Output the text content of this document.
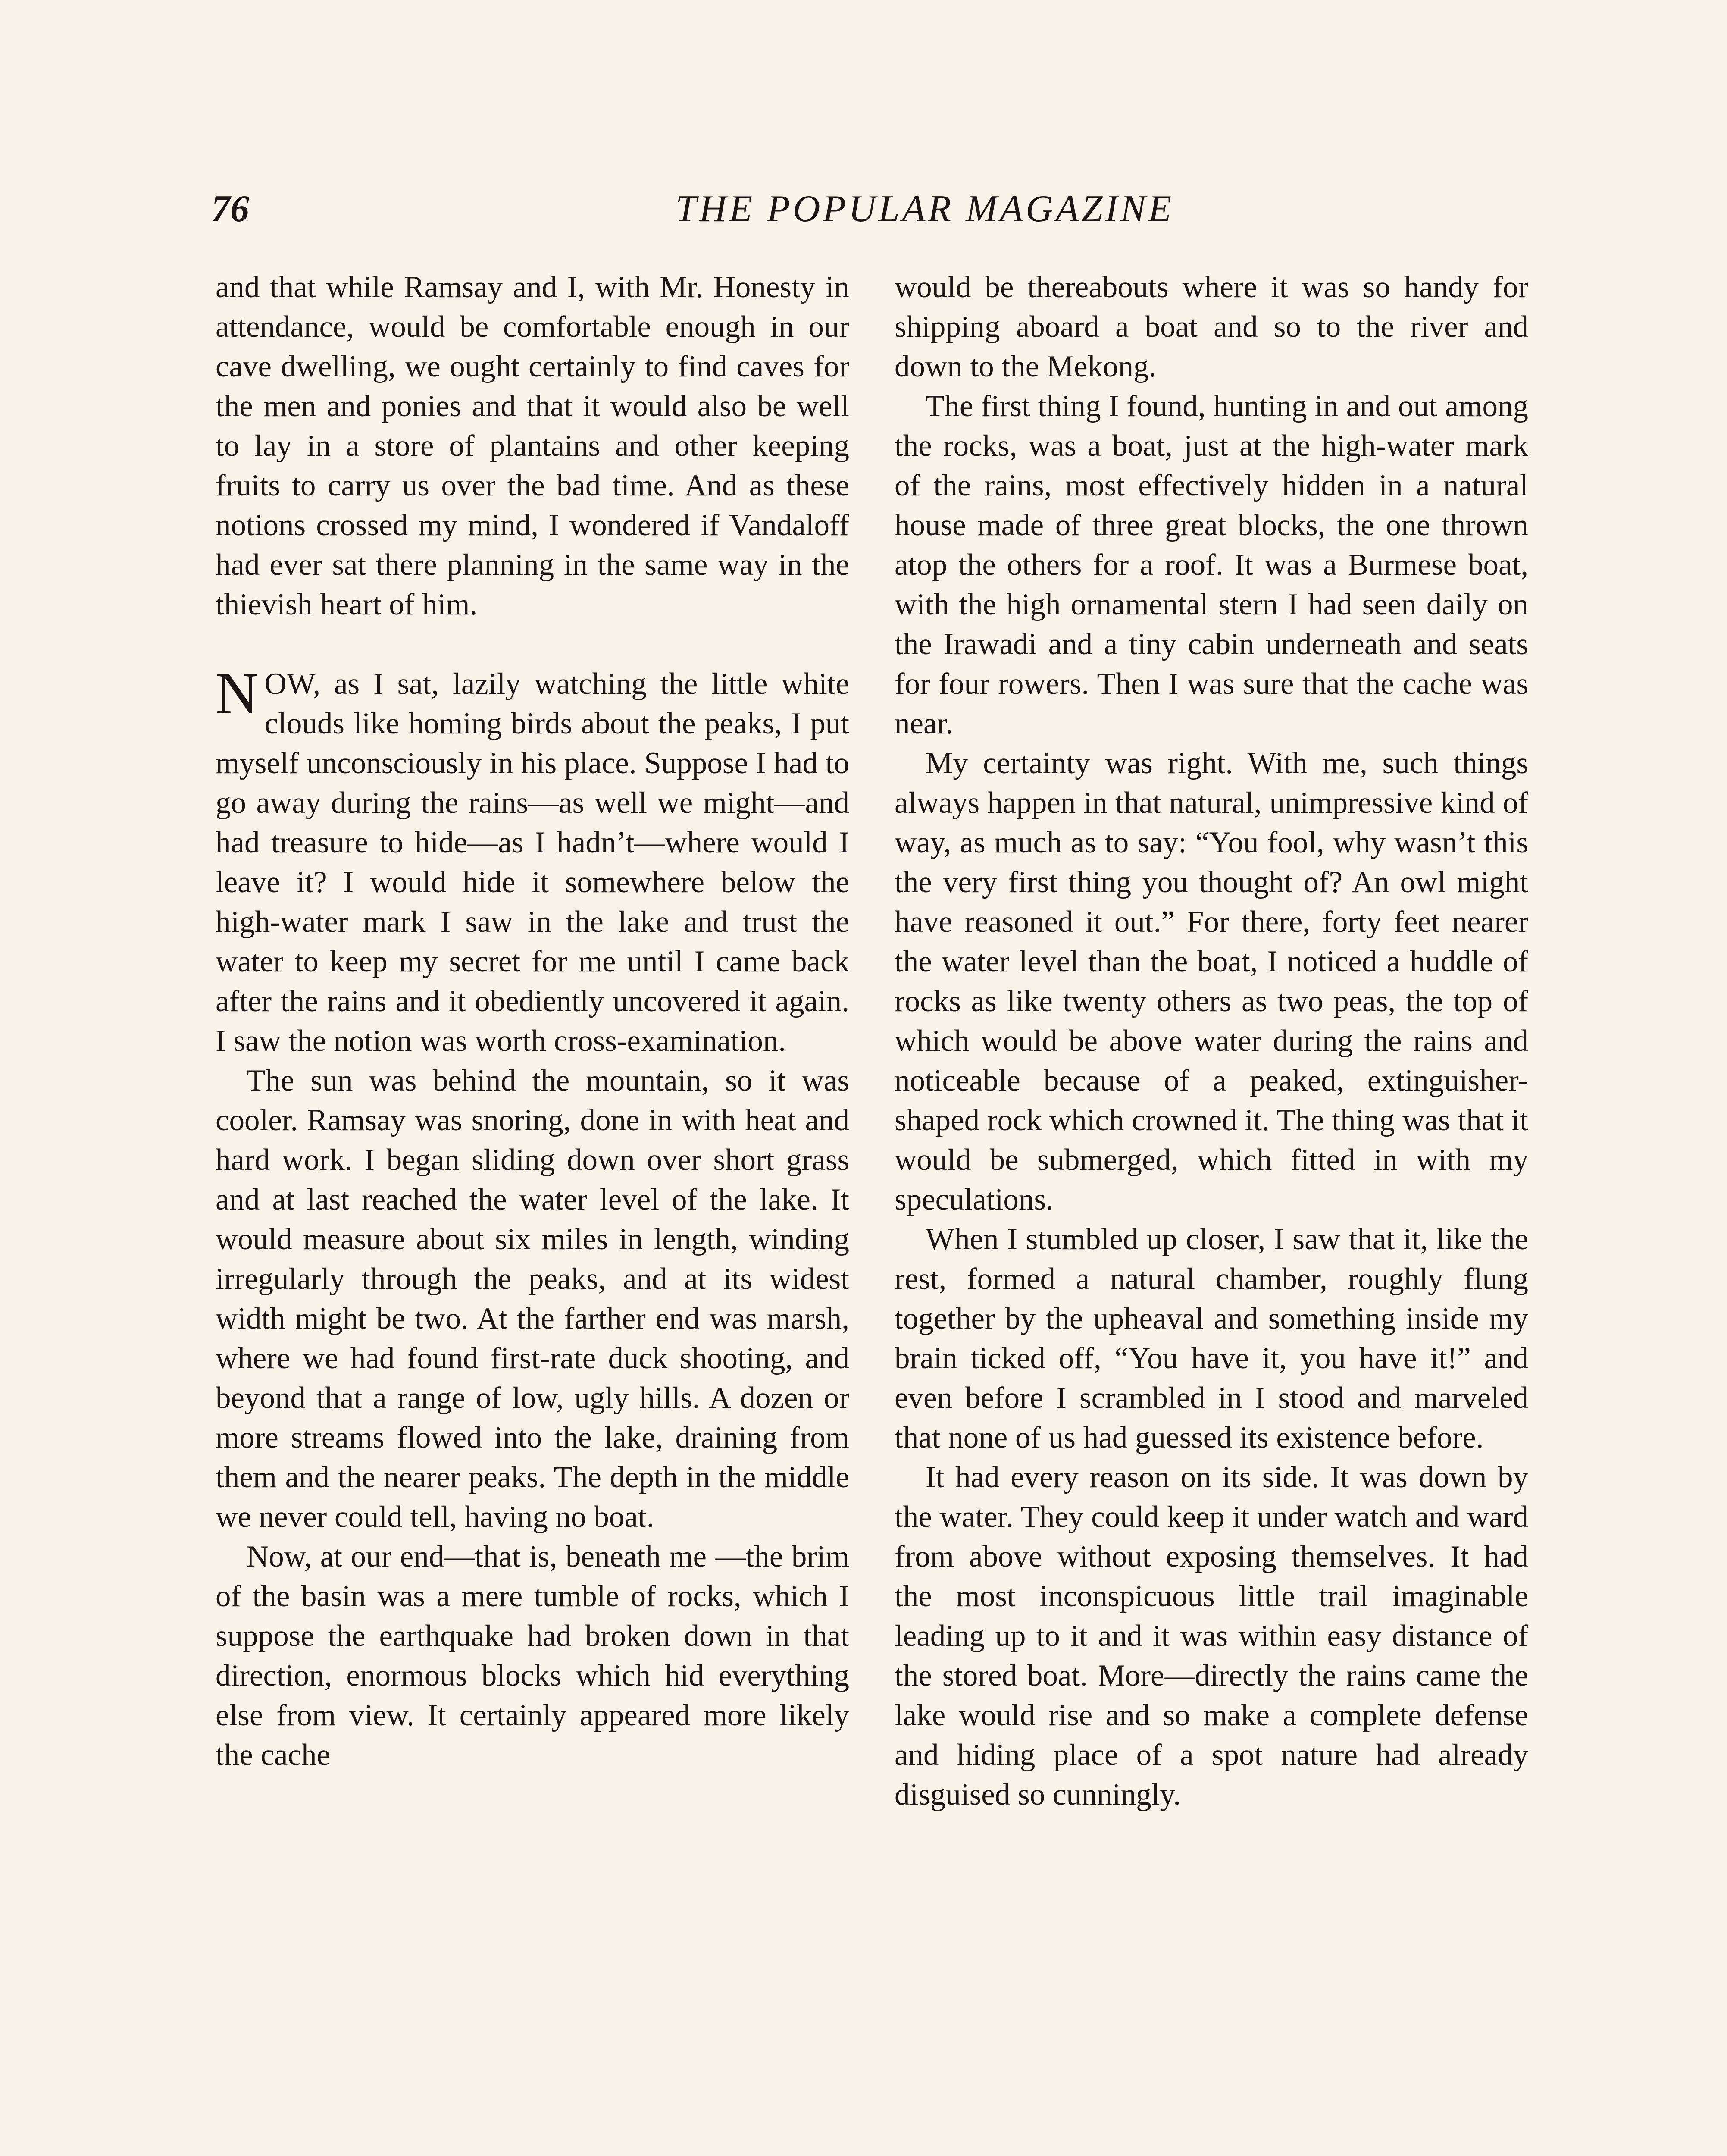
76	THE POPULAR MAGAZINE

and that while Ramsay and I, with Mr. Honesty in attendance, would be comfortable enough in our cave dwelling, we ought certainly to find caves for the men and ponies and that it would also be well to lay in a store of plantains and other keeping fruits to carry us over the bad time. And as these notions crossed my mind, I wondered if Vandaloff had ever sat there planning in the same way in the thievish heart of him.

NOW, as I sat, lazily watching the little white clouds like homing birds about the peaks, I put myself unconsciously in his place. Suppose I had to go away during the rains—as well we might—and had treasure to hide—as I hadn’t—where would I leave it? I would hide it somewhere below the high-water mark I saw in the lake and trust the water to keep my secret for me until I came back after the rains and it obediently uncovered it again. I saw the notion was worth cross-examination.

The sun was behind the mountain, so it was cooler. Ramsay was snoring, done in with heat and hard work. I began sliding down over short grass and at last reached the water level of the lake. It would measure about six miles in length, winding irregularly through the peaks, and at its widest width might be two. At the farther end was marsh, where we had found first-rate duck shooting, and beyond that a range of low, ugly hills. A dozen or more streams flowed into the lake, draining from them and the nearer peaks. The depth in the middle we never could tell, having no boat.

Now, at our end—that is, beneath me —the brim of the basin was a mere tumble of rocks, which I suppose the earthquake had broken down in that direction, enormous blocks which hid everything else from view. It certainly appeared more likely the cache

would be thereabouts where it was so handy for shipping aboard a boat and so to the river and down to the Mekong.

The first thing I found, hunting in and out among the rocks, was a boat, just at the high-water mark of the rains, most effectively hidden in a natural house made of three great blocks, the one thrown atop the others for a roof. It was a Burmese boat, with the high ornamental stern I had seen daily on the Irawadi and a tiny cabin underneath and seats for four rowers. Then I was sure that the cache was near.

My certainty was right. With me, such things always happen in that natural, unimpressive kind of way, as much as to say: “You fool, why wasn’t this the very first thing you thought of? An owl might have reasoned it out.” For there, forty feet nearer the water level than the boat, I noticed a huddle of rocks as like twenty others as two peas, the top of which would be above water during the rains and noticeable because of a peaked, extinguisher-shaped rock which crowned it. The thing was that it would be submerged, which fitted in with my speculations.

When I stumbled up closer, I saw that it, like the rest, formed a natural chamber, roughly flung together by the upheaval and something inside my brain ticked off, “You have it, you have it!” and even before I scrambled in I stood and marveled that none of us had guessed its existence before.

It had every reason on its side. It was down by the water. They could keep it under watch and ward from above without exposing themselves. It had the most inconspicuous little trail imaginable leading up to it and it was within easy distance of the stored boat. More—directly the rains came the lake would rise and so make a complete defense and hiding place of a spot nature had already disguised so cunningly.
